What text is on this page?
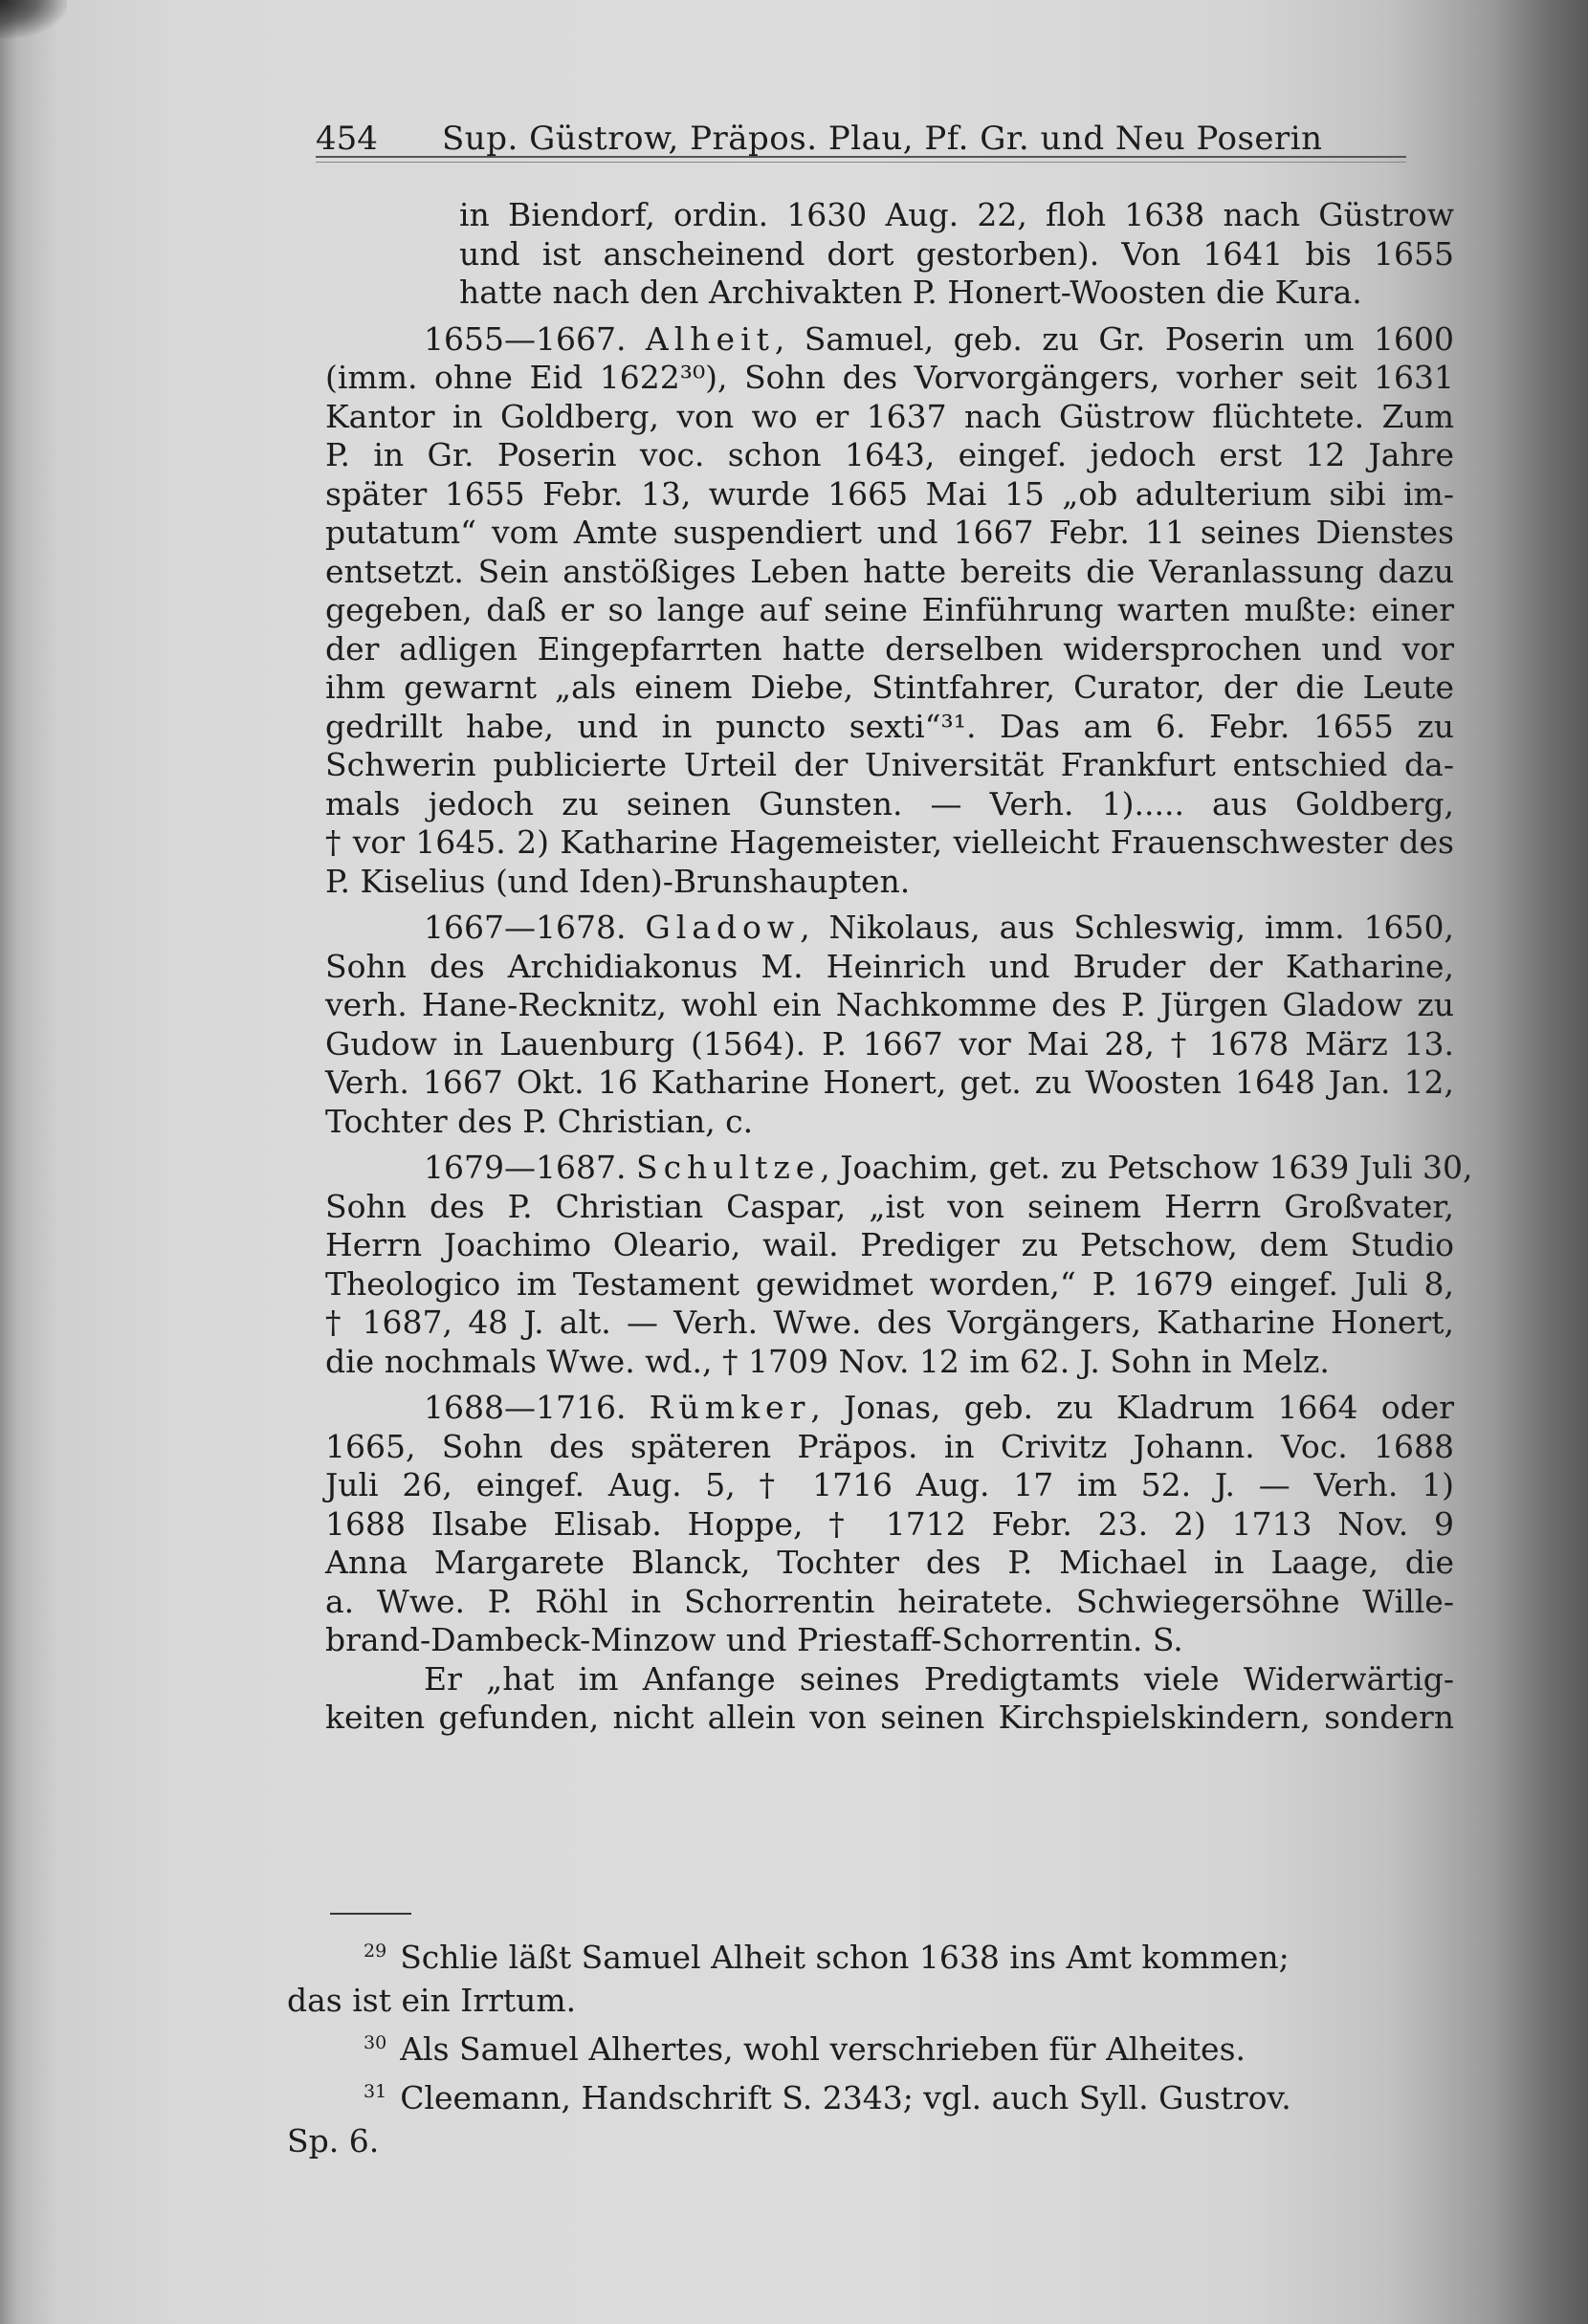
454 Sup. Güstrow, Präpos. Plau, Pf. Gr. und Neu Poserin
in Biendorf, ordin. 1630 Aug. 22, floh 1638 nach Güstrow
und ist anscheinend dort gestorben). Von 1641 bis 1655
hatte nach den Archivakten P. Honert-Woosten die Kura.
1655—1667. Alheit, Samuel, geb. zu Gr. Poserin um 1600
(imm. ohne Eid 1622³⁰), Sohn des Vorvorgängers, vorher seit 1631
Kantor in Goldberg, von wo er 1637 nach Güstrow flüchtete. Zum
P. in Gr. Poserin voc. schon 1643, eingef. jedoch erst 12 Jahre
später 1655 Febr. 13, wurde 1665 Mai 15 „ob adulterium sibi im-
putatum“ vom Amte suspendiert und 1667 Febr. 11 seines Dienstes
entsetzt. Sein anstößiges Leben hatte bereits die Veranlassung dazu
gegeben, daß er so lange auf seine Einführung warten mußte: einer
der adligen Eingepfarrten hatte derselben widersprochen und vor
ihm gewarnt „als einem Diebe, Stintfahrer, Curator, der die Leute
gedrillt habe, und in puncto sexti“³¹. Das am 6. Febr. 1655 zu
Schwerin publicierte Urteil der Universität Frankfurt entschied da-
mals jedoch zu seinen Gunsten. — Verh. 1)..... aus Goldberg,
† vor 1645. 2) Katharine Hagemeister, vielleicht Frauenschwester des
P. Kiselius (und Iden)-Brunshaupten.
1667—1678. Gladow, Nikolaus, aus Schleswig, imm. 1650,
Sohn des Archidiakonus M. Heinrich und Bruder der Katharine,
verh. Hane-Recknitz, wohl ein Nachkomme des P. Jürgen Gladow zu
Gudow in Lauenburg (1564). P. 1667 vor Mai 28, † 1678 März 13.
Verh. 1667 Okt. 16 Katharine Honert, get. zu Woosten 1648 Jan. 12,
Tochter des P. Christian, c.
1679—1687. Schultze, Joachim, get. zu Petschow 1639 Juli 30,
Sohn des P. Christian Caspar, „ist von seinem Herrn Großvater,
Herrn Joachimo Oleario, wail. Prediger zu Petschow, dem Studio
Theologico im Testament gewidmet worden,“ P. 1679 eingef. Juli 8,
† 1687, 48 J. alt. — Verh. Wwe. des Vorgängers, Katharine Honert,
die nochmals Wwe. wd., † 1709 Nov. 12 im 62. J. Sohn in Melz.
1688—1716. Rümker, Jonas, geb. zu Kladrum 1664 oder
1665, Sohn des späteren Präpos. in Crivitz Johann. Voc. 1688
Juli 26, eingef. Aug. 5, † 1716 Aug. 17 im 52. J. — Verh. 1)
1688 Ilsabe Elisab. Hoppe, † 1712 Febr. 23. 2) 1713 Nov. 9
Anna Margarete Blanck, Tochter des P. Michael in Laage, die
a. Wwe. P. Röhl in Schorrentin heiratete. Schwiegersöhne Wille-
brand-Dambeck-Minzow und Priestaff-Schorrentin. S.
Er „hat im Anfange seines Predigtamts viele Widerwärtig-
keiten gefunden, nicht allein von seinen Kirchspielskindern, sondern
$^{29}$ Schlie läßt Samuel Alheit schon 1638 ins Amt kommen;
das ist ein Irrtum.
$^{30}$ Als Samuel Alhertes, wohl verschrieben für Alheites.
$^{31}$ Cleemann, Handschrift S. 2343; vgl. auch Syll. Gustrov.
Sp. 6.
